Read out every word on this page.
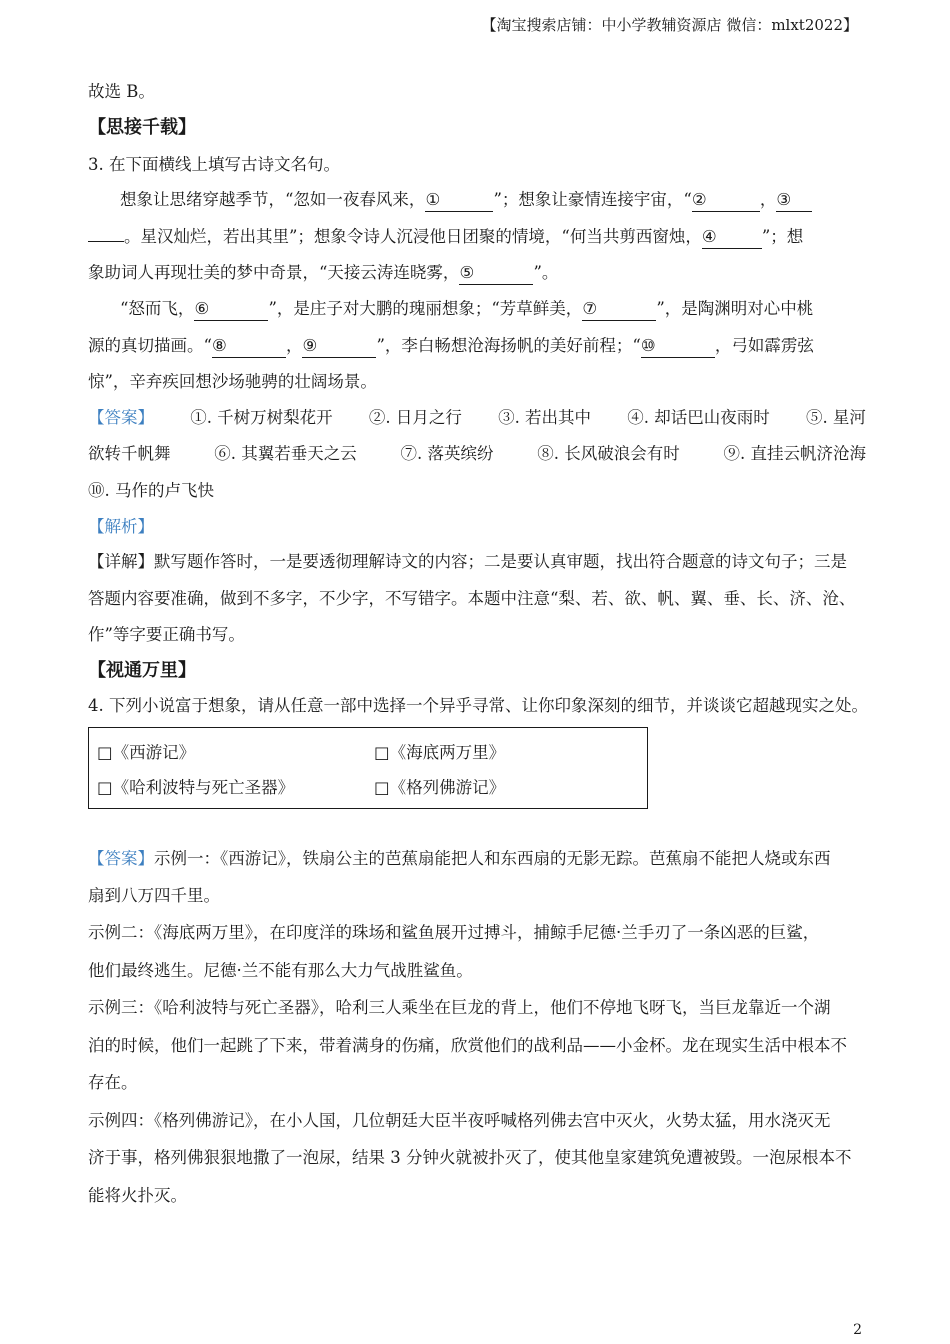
【淘宝搜索店铺：中小学教辅资源店 微信：mlxt2022】
故选 B。
【思接千载】
3. 在下面横线上填写古诗文名句。
想象让思绪穿越季节，“忽如一夜春风来，①	”；想象让豪情连接宇宙，“②	，③
。星汉灿烂，若出其里”；想象令诗人沉浸他日团聚的情境，“何当共剪西窗烛，④	”；想
象助词人再现壮美的梦中奇景，“天接云涛连晓雾，⑤	”。
“怒而飞，⑥	”，是庄子对大鹏的瑰丽想象；“芳草鲜美，⑦	”，是陶渊明对心中桃
源的真切描画。“⑧	，⑨	”，李白畅想沧海扬帆的美好前程；“⑩	，弓如霹雳弦
惊”，辛弃疾回想沙场驰骋的壮阔场景。
【答案】 ①. 千树万树梨花开 ②. 日月之行 ③. 若出其中 ④. 却话巴山夜雨时 ⑤. 星河
欲转千帆舞	⑥. 其翼若垂天之云	⑦. 落英缤纷	⑧. 长风破浪会有时	⑨. 直挂云帆济沧海
⑩. 马作的卢飞快
【解析】
【详解】默写题作答时，一是要透彻理解诗文的内容；二是要认真审题，找出符合题意的诗文句子；三是
答题内容要准确，做到不多字，不少字，不写错字。本题中注意“梨、若、欲、帆、翼、垂、长、济、沧、
作”等字要正确书写。
【视通万里】
4. 下列小说富于想象，请从任意一部中选择一个异乎寻常、让你印象深刻的细节，并谈谈它超越现实之处。
□《西游记》	□《海底两万里》
□《哈利波特与死亡圣器》	□《格列佛游记》
【答案】示例一：《西游记》，铁扇公主的芭蕉扇能把人和东西扇的无影无踪。芭蕉扇不能把人烧或东西
扇到八万四千里。
示例二：《海底两万里》，在印度洋的珠场和鲨鱼展开过搏斗，捕鲸手尼德·兰手刃了一条凶恶的巨鲨，
他们最终逃生。尼德·兰不能有那么大力气战胜鲨鱼。
示例三：《哈利波特与死亡圣器》，哈利三人乘坐在巨龙的背上，他们不停地飞呀飞，当巨龙靠近一个湖
泊的时候，他们一起跳了下来，带着满身的伤痛，欣赏他们的战利品——小金杯。龙在现实生活中根本不
存在。
示例四：《格列佛游记》，在小人国，几位朝廷大臣半夜呼喊格列佛去宫中灭火，火势太猛，用水浇灭无
济于事，格列佛狠狠地撒了一泡尿，结果 3 分钟火就被扑灭了，使其他皇家建筑免遭被毁。一泡尿根本不
能将火扑灭。
2
